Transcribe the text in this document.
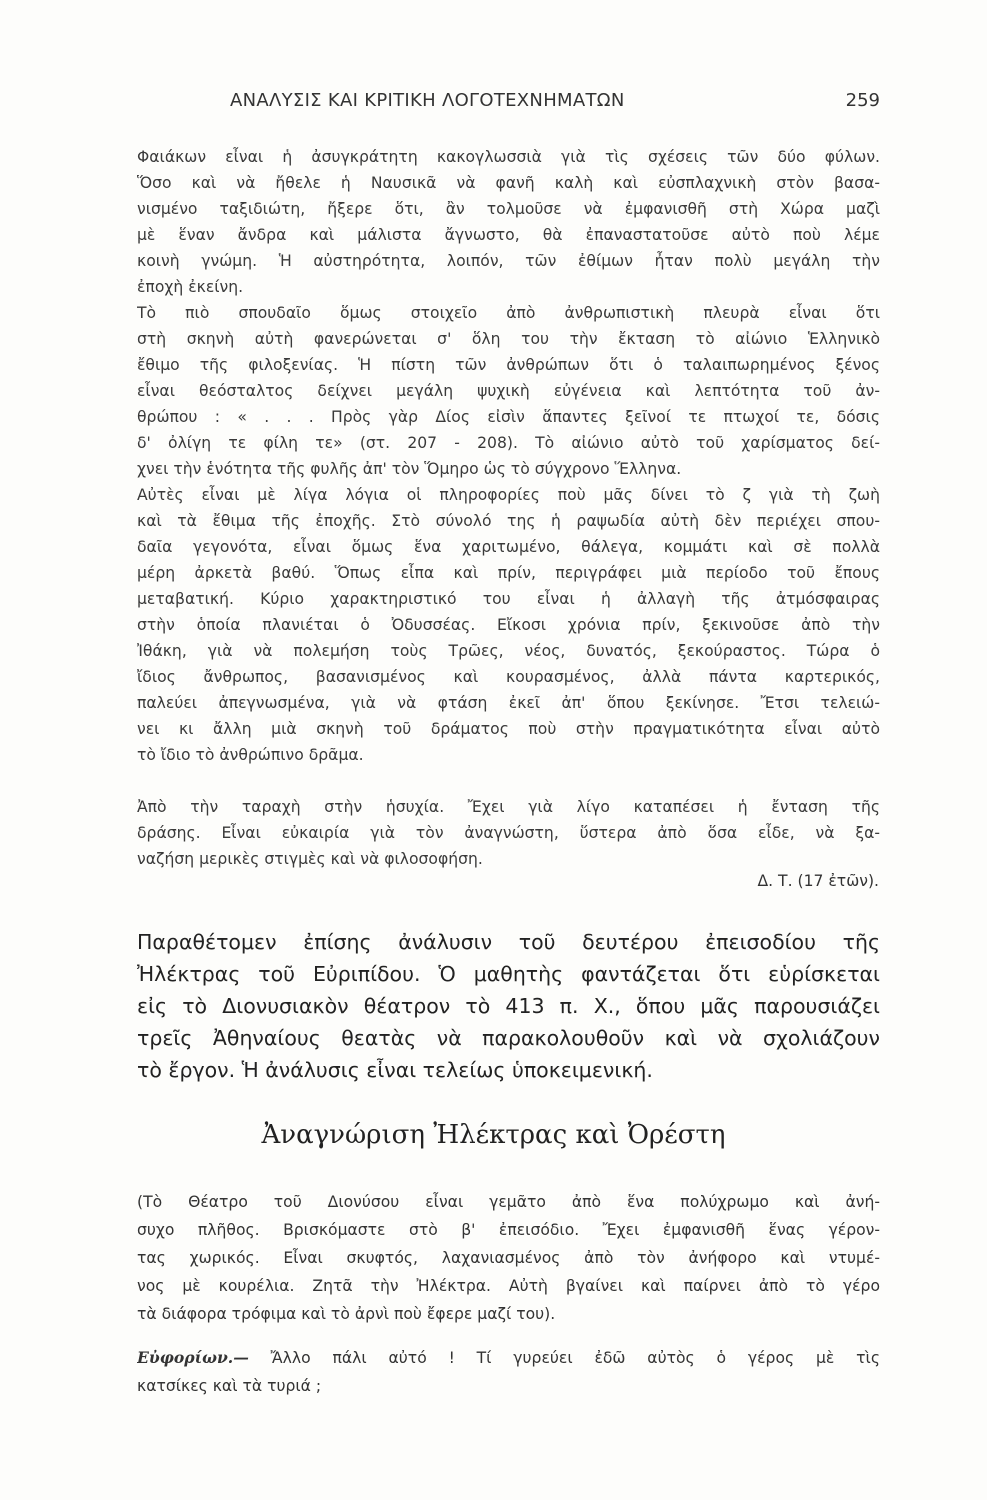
ΑΝΑΛΥΣΙΣ ΚΑΙ ΚΡΙΤΙΚΗ ΛΟΓΟΤΕΧΝΗΜΑΤΩΝ	259
Φαιάκων εἶναι ἡ ἀσυγκράτητη κακογλωσσιὰ γιὰ τὶς σχέσεις τῶν δύο φύλων.
Ὅσο καὶ νὰ ἤθελε ἡ Ναυσικᾶ νὰ φανῆ καλὴ καὶ εὐσπλαχνικὴ στὸν βασα-
νισμένο ταξιδιώτη, ἤξερε ὅτι, ἂν τολμοῦσε νὰ ἐμφανισθῆ στὴ Χώρα μαζὶ
μὲ ἕναν ἄνδρα καὶ μάλιστα ἄγνωστο, θὰ ἐπαναστατοῦσε αὐτὸ ποὺ λέμε
κοινὴ γνώμη. Ἡ αὐστηρότητα, λοιπόν, τῶν ἐθίμων ἦταν πολὺ μεγάλη τὴν
ἐποχὴ ἐκείνη.
Τὸ πιὸ σπουδαῖο ὅμως στοιχεῖο ἀπὸ ἀνθρωπιστικὴ πλευρὰ εἶναι ὅτι
στὴ σκηνὴ αὐτὴ φανερώνεται σ' ὅλη του τὴν ἔκταση τὸ αἰώνιο Ἑλληνικὸ
ἔθιμο τῆς φιλοξενίας. Ἡ πίστη τῶν ἀνθρώπων ὅτι ὁ ταλαιπωρημένος ξένος
εἶναι θεόσταλτος δείχνει μεγάλη ψυχικὴ εὐγένεια καὶ λεπτότητα τοῦ ἀν-
θρώπου : « . . . Πρὸς γὰρ Δίος εἰσὶν ἅπαντες ξεῖνοί τε πτωχοί τε, δόσις
δ' ὀλίγη τε φίλη τε» (στ. 207 - 208). Τὸ αἰώνιο αὐτὸ τοῦ χαρίσματος δεί-
χνει τὴν ἑνότητα τῆς φυλῆς ἀπ' τὸν Ὅμηρο ὡς τὸ σύγχρονο Ἕλληνα.
Αὐτὲς εἶναι μὲ λίγα λόγια οἱ πληροφορίες ποὺ μᾶς δίνει τὸ ζ γιὰ τὴ ζωὴ
καὶ τὰ ἔθιμα τῆς ἐποχῆς. Στὸ σύνολό της ἡ ραψωδία αὐτὴ δὲν περιέχει σπου-
δαῖα γεγονότα, εἶναι ὅμως ἕνα χαριτωμένο, θάλεγα, κομμάτι καὶ σὲ πολλὰ
μέρη ἀρκετὰ βαθύ. Ὅπως εἶπα καὶ πρίν, περιγράφει μιὰ περίοδο τοῦ ἔπους
μεταβατική. Κύριο χαρακτηριστικό του εἶναι ἡ ἀλλαγὴ τῆς ἀτμόσφαιρας
στὴν ὁποία πλανιέται ὁ Ὀδυσσέας. Εἴκοσι χρόνια πρίν, ξεκινοῦσε ἀπὸ τὴν
Ἰθάκη, γιὰ νὰ πολεμήση τοὺς Τρῶες, νέος, δυνατός, ξεκούραστος. Τώρα ὁ
ἴδιος ἄνθρωπος, βασανισμένος καὶ κουρασμένος, ἀλλὰ πάντα καρτερικός,
παλεύει ἀπεγνωσμένα, γιὰ νὰ φτάση ἐκεῖ ἀπ' ὅπου ξεκίνησε. Ἔτσι τελειώ-
νει κι ἄλλη μιὰ σκηνὴ τοῦ δράματος ποὺ στὴν πραγματικότητα εἶναι αὐτὸ
τὸ ἴδιο τὸ ἀνθρώπινο δρᾶμα.
Ἀπὸ τὴν ταραχὴ στὴν ἡσυχία. Ἔχει γιὰ λίγο καταπέσει ἡ ἔνταση τῆς
δράσης. Εἶναι εὐκαιρία γιὰ τὸν ἀναγνώστη, ὕστερα ἀπὸ ὅσα εἶδε, νὰ ξα-
ναζήση μερικὲς στιγμὲς καὶ νὰ φιλοσοφήση.
Δ. Τ. (17 ἐτῶν).
Παραθέτομεν ἐπίσης ἀνάλυσιν τοῦ δευτέρου ἐπεισοδίου τῆς
Ἠλέκτρας τοῦ Εὐριπίδου. Ὁ μαθητὴς φαντάζεται ὅτι εὑρίσκεται
εἰς τὸ Διονυσιακὸν θέατρον τὸ 413 π. Χ., ὅπου μᾶς παρουσιάζει
τρεῖς Ἀθηναίους θεατὰς νὰ παρακολουθοῦν καὶ νὰ σχολιάζουν
τὸ ἔργον. Ἡ ἀνάλυσις εἶναι τελείως ὑποκειμενική.
Ἀναγνώριση Ἠλέκτρας καὶ Ὀρέστη
(Τὸ Θέατρο τοῦ Διονύσου εἶναι γεμᾶτο ἀπὸ ἕνα πολύχρωμο καὶ ἀνή-
συχο πλῆθος. Βρισκόμαστε στὸ β' ἐπεισόδιο. Ἔχει ἐμφανισθῆ ἕνας γέρον-
τας χωρικός. Εἶναι σκυφτός, λαχανιασμένος ἀπὸ τὸν ἀνήφορο καὶ ντυμέ-
νος μὲ κουρέλια. Ζητᾶ τὴν Ἠλέκτρα. Αὐτὴ βγαίνει καὶ παίρνει ἀπὸ τὸ γέρο
τὰ διάφορα τρόφιμα καὶ τὸ ἀρνὶ ποὺ ἔφερε μαζί του).
Εὐφορίων.— Ἄλλο πάλι αὐτό ! Τί γυρεύει ἐδῶ αὐτὸς ὁ γέρος μὲ τὶς
κατσίκες καὶ τὰ τυριά ;
